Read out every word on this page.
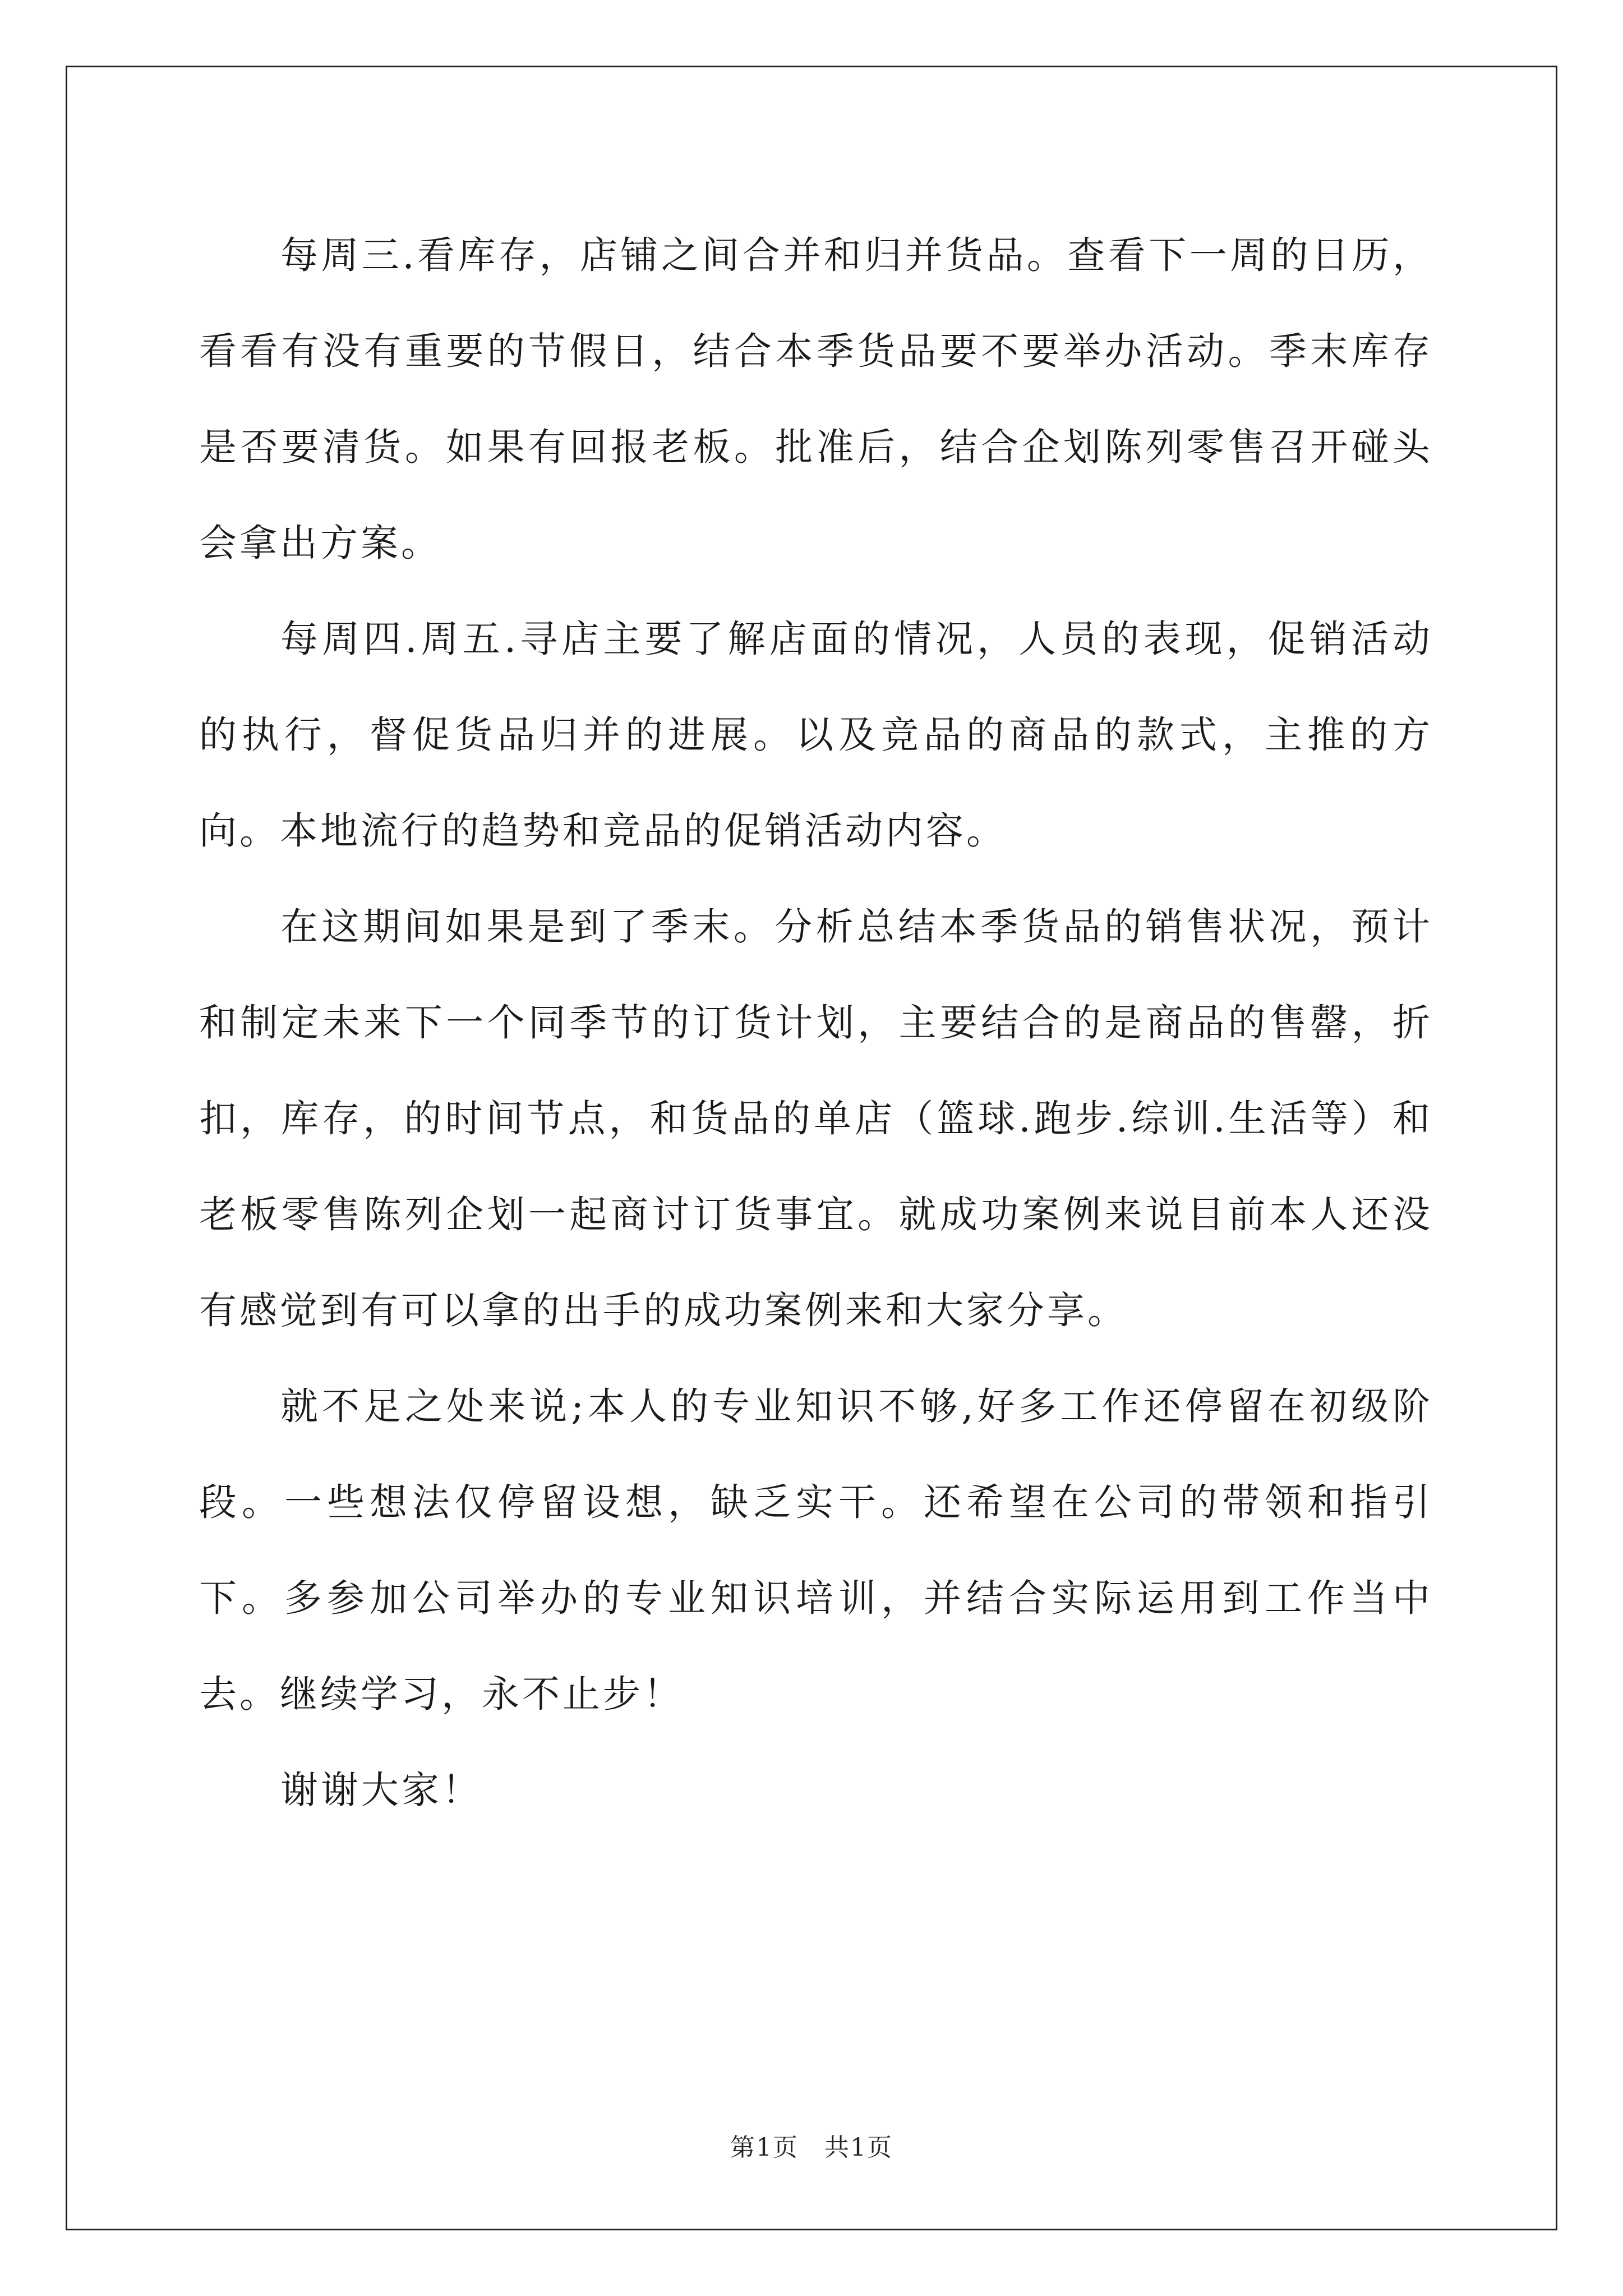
每周三.看库存，店铺之间合并和归并货品。查看下一周的日历，看看有没有重要的节假日，结合本季货品要不要举办活动。季末库存是否要清货。如果有回报老板。批准后，结合企划陈列零售召开碰头会拿出方案。

每周四.周五.寻店主要了解店面的情况，人员的表现，促销活动的执行，督促货品归并的进展。以及竞品的商品的款式，主推的方向。本地流行的趋势和竞品的促销活动内容。

在这期间如果是到了季末。分析总结本季货品的销售状况，预计和制定未来下一个同季节的订货计划，主要结合的是商品的售罄，折扣，库存，的时间节点，和货品的单店（篮球.跑步.综训.生活等）和老板零售陈列企划一起商讨订货事宜。就成功案例来说目前本人还没有感觉到有可以拿的出手的成功案例来和大家分享。

就不足之处来说;本人的专业知识不够,好多工作还停留在初级阶段。一些想法仅停留设想，缺乏实干。还希望在公司的带领和指引下。多参加公司举办的专业知识培训，并结合实际运用到工作当中去。继续学习，永不止步！

谢谢大家！

第1页　共1页
